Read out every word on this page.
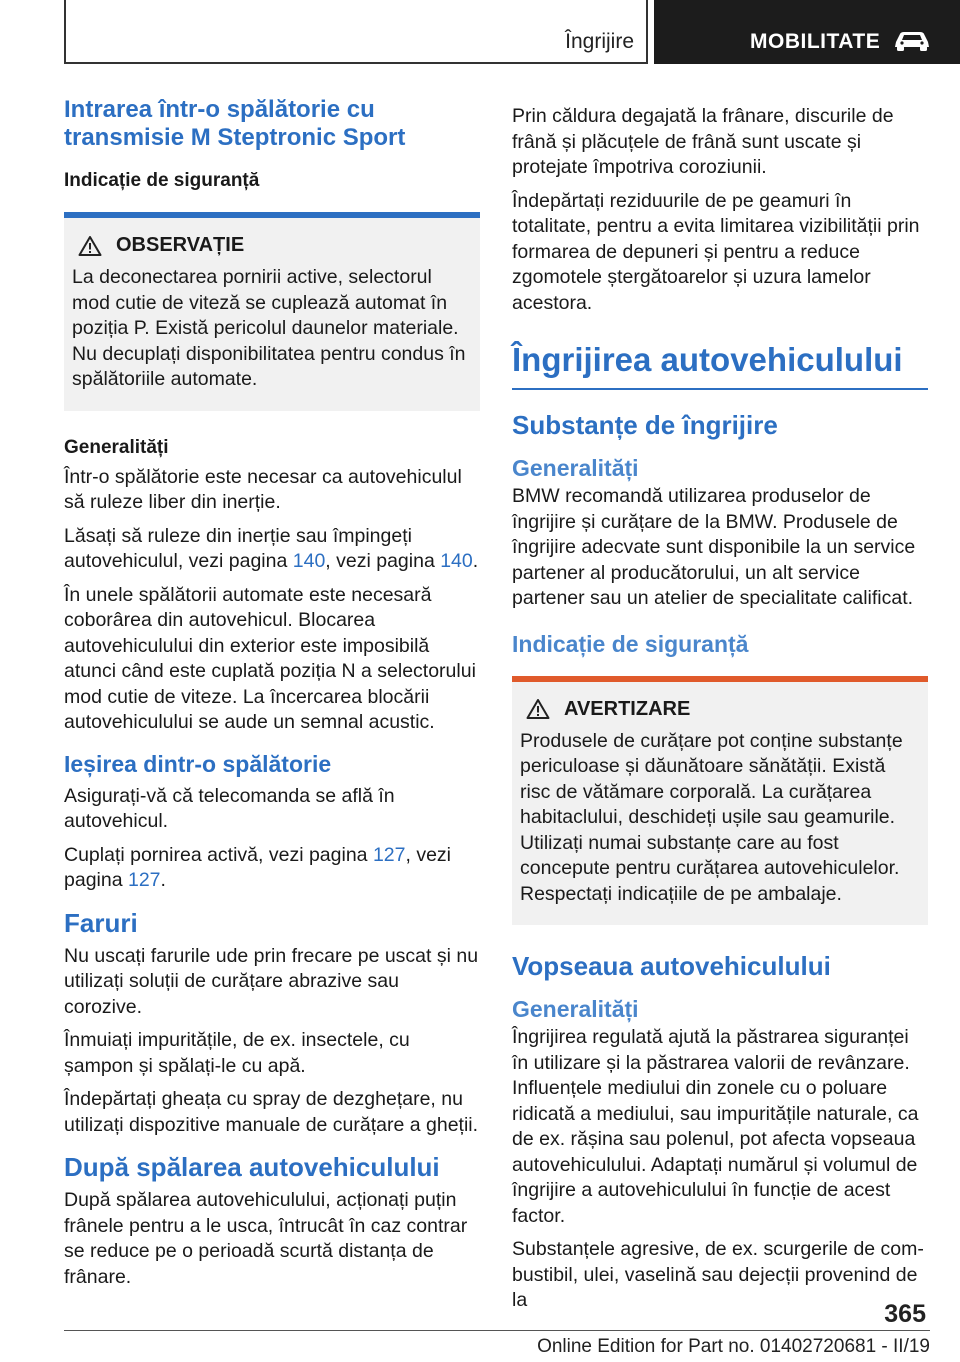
Îngrijire	MOBILITATE
Intrarea într-o spălătorie cu transmisie M Steptronic Sport
Indicație de siguranță
OBSERVAȚIE

La deconectarea pornirii active, selectorul mod cutie de viteză se cuplează automat în poziția P. Există pericolul daunelor materiale. Nu decuplați disponibilitatea pentru condus în spălătoriile automate.

Generalități

Într-o spălătorie este necesar ca autovehiculul să ruleze liber din inerție.

Lăsați să ruleze din inerție sau împingeți autovehiculul, vezi pagina 140, vezi pagina 140.

În unele spălătorii automate este necesară coborârea din autovehicul. Blocarea autovehiculului din exterior este imposibilă atunci când este cuplată poziția N a selectorului mod cutie de viteze. La încercarea blocării autovehiculului se aude un semnal acustic.

Ieșirea dintr-o spălătorie

Asigurați-vă că telecomanda se află în autovehicul.

Cuplați pornirea activă, vezi pagina 127, vezi pagina 127.

Faruri

Nu uscați farurile ude prin frecare pe uscat și nu utilizați soluții de curățare abrazive sau corozive.

Înmuiați impuritățile, de ex. insectele, cu șampon și spălați-le cu apă.

Îndepărtați gheața cu spray de dezghețare, nu utilizați dispozitive manuale de curățare a gheții.

După spălarea autovehiculului

După spălarea autovehiculului, acționați puțin frânele pentru a le usca, întrucât în caz contrar se reduce pe o perioadă scurtă distanța de frânare.

Prin căldura degajată la frânare, discurile de frână și plăcuțele de frână sunt uscate și protejate împotriva coroziunii.

Îndepărtați reziduurile de pe geamuri în totalitate, pentru a evita limitarea vizibilității prin formarea de depuneri și pentru a reduce zgomotele ștergătoarelor și uzura lamelor acestora.

Îngrijirea autovehiculului
Substanțe de îngrijire
Generalități

BMW recomandă utilizarea produselor de îngrijire și curățare de la BMW. Produsele de îngrijire adecvate sunt disponibile la un service partener al producătorului, un alt service partener sau un atelier de specialitate calificat.

Indicație de siguranță
AVERTIZARE

Produsele de curățare pot conține substanțe periculoase și dăunătoare sănătății. Există risc de vătămare corporală. La curățarea habitaclului, deschideți ușile sau geamurile. Utilizați numai substanțe care au fost concepute pentru curățarea autovehiculelor. Respectați indicațiile de pe ambalaje.

Vopseaua autovehiculului
Generalități

Îngrijirea regulată ajută la păstrarea siguranței în utilizare și la păstrarea valorii de revânzare. Influențele mediului din zonele cu o poluare ridicată a mediului, sau impuritățile naturale, ca de ex. rășina sau polenul, pot afecta vopseaua autovehiculului. Adaptați numărul și volumul de îngrijire a autovehiculului în funcție de acest factor.

Substanțele agresive, de ex. scurgerile de combustibil, ulei, vaselină sau dejecții provenind de la	365
Online Edition for Part no. 01402720681 - II/19
